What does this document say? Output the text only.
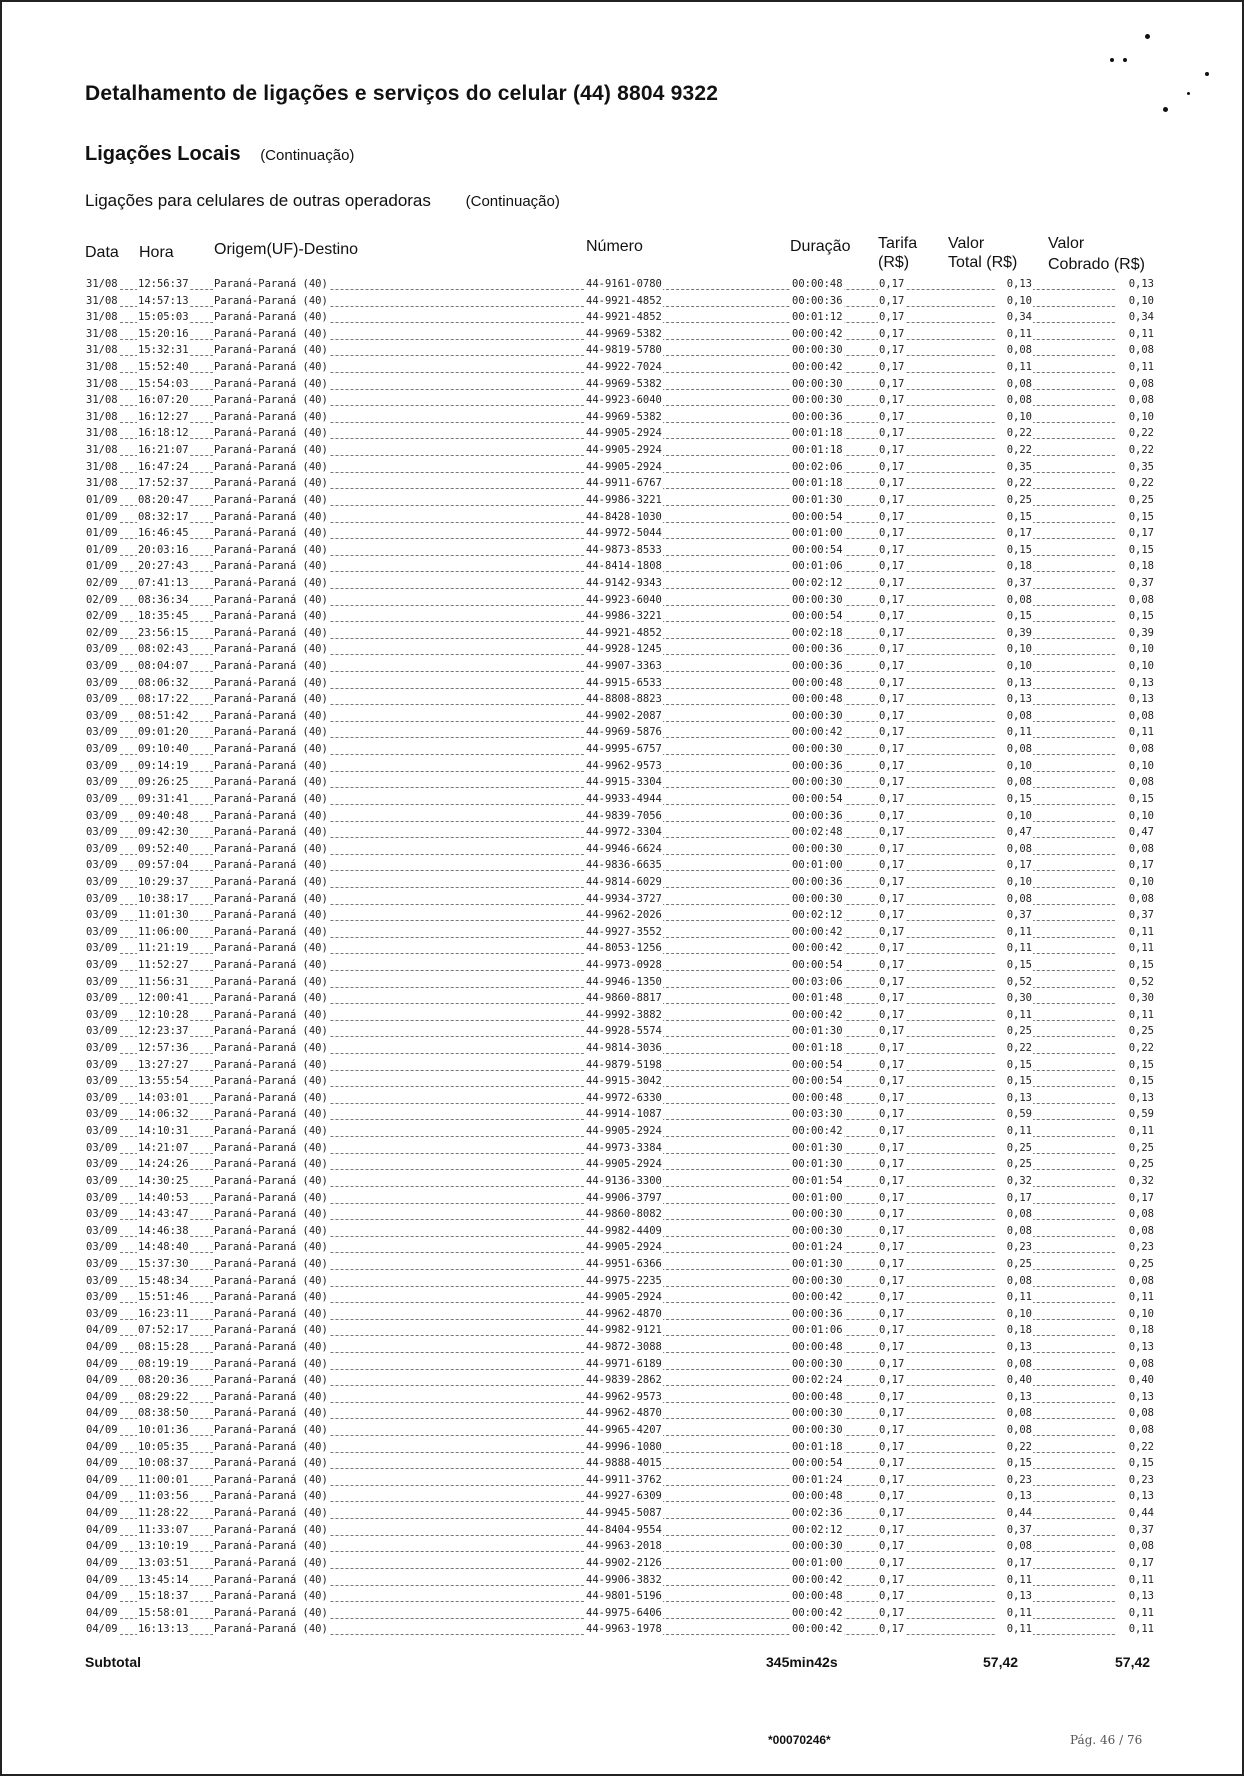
Detalhamento de ligações e serviços do celular (44) 8804 9322
Ligações Locais (Continuação)
Ligações para celulares de outras operadoras (Continuação)
Data Hora	Origem(UF)-Destino	Número	Duração Tarifa
(R$)
Valor
Total (R$)
Valor
Cobrado (R$)
31/08 12:56:37 Paraná-Paraná (40)	44-9161-0780	00:00:48	0,17	0,13	0,13
31/08 14:57:13 Paraná-Paraná (40)	44-9921-4852	00:00:36	0,17	0,10	0,10
31/08 15:05:03 Paraná-Paraná (40)	44-9921-4852	00:01:12	0,17	0,34	0,34
31/08 15:20:16 Paraná-Paraná (40)	44-9969-5382	00:00:42	0,17	0,11	0,11
31/08 15:32:31 Paraná-Paraná (40)	44-9819-5780	00:00:30	0,17	0,08	0,08
31/08 15:52:40 Paraná-Paraná (40)	44-9922-7024	00:00:42	0,17	0,11	0,11
31/08 15:54:03 Paraná-Paraná (40)	44-9969-5382	00:00:30	0,17	0,08	0,08
31/08 16:07:20 Paraná-Paraná (40)	44-9923-6040	00:00:30	0,17	0,08	0,08
31/08 16:12:27 Paraná-Paraná (40)	44-9969-5382	00:00:36	0,17	0,10	0,10
31/08 16:18:12 Paraná-Paraná (40)	44-9905-2924	00:01:18	0,17	0,22	0,22
31/08 16:21:07 Paraná-Paraná (40)	44-9905-2924	00:01:18	0,17	0,22	0,22
31/08 16:47:24 Paraná-Paraná (40)	44-9905-2924	00:02:06	0,17	0,35	0,35
31/08 17:52:37 Paraná-Paraná (40)	44-9911-6767	00:01:18	0,17	0,22	0,22
01/09 08:20:47 Paraná-Paraná (40)	44-9986-3221	00:01:30	0,17	0,25	0,25
01/09 08:32:17 Paraná-Paraná (40)	44-8428-1030	00:00:54	0,17	0,15	0,15
01/09 16:46:45 Paraná-Paraná (40)	44-9972-5044	00:01:00	0,17	0,17	0,17
01/09 20:03:16 Paraná-Paraná (40)	44-9873-8533	00:00:54	0,17	0,15	0,15
01/09 20:27:43 Paraná-Paraná (40)	44-8414-1808	00:01:06	0,17	0,18	0,18
02/09 07:41:13 Paraná-Paraná (40)	44-9142-9343	00:02:12	0,17	0,37	0,37
02/09 08:36:34 Paraná-Paraná (40)	44-9923-6040	00:00:30	0,17	0,08	0,08
02/09 18:35:45 Paraná-Paraná (40)	44-9986-3221	00:00:54	0,17	0,15	0,15
02/09 23:56:15 Paraná-Paraná (40)	44-9921-4852	00:02:18	0,17	0,39	0,39
03/09 08:02:43 Paraná-Paraná (40)	44-9928-1245	00:00:36	0,17	0,10	0,10
03/09 08:04:07 Paraná-Paraná (40)	44-9907-3363	00:00:36	0,17	0,10	0,10
03/09 08:06:32 Paraná-Paraná (40)	44-9915-6533	00:00:48	0,17	0,13	0,13
03/09 08:17:22 Paraná-Paraná (40)	44-8808-8823	00:00:48	0,17	0,13	0,13
03/09 08:51:42 Paraná-Paraná (40)	44-9902-2087	00:00:30	0,17	0,08	0,08
03/09 09:01:20 Paraná-Paraná (40)	44-9969-5876	00:00:42	0,17	0,11	0,11
03/09 09:10:40 Paraná-Paraná (40)	44-9995-6757	00:00:30	0,17	0,08	0,08
03/09 09:14:19 Paraná-Paraná (40)	44-9962-9573	00:00:36	0,17	0,10	0,10
03/09 09:26:25 Paraná-Paraná (40)	44-9915-3304	00:00:30	0,17	0,08	0,08
03/09 09:31:41 Paraná-Paraná (40)	44-9933-4944	00:00:54	0,17	0,15	0,15
03/09 09:40:48 Paraná-Paraná (40)	44-9839-7056	00:00:36	0,17	0,10	0,10
03/09 09:42:30 Paraná-Paraná (40)	44-9972-3304	00:02:48	0,17	0,47	0,47
03/09 09:52:40 Paraná-Paraná (40)	44-9946-6624	00:00:30	0,17	0,08	0,08
03/09 09:57:04 Paraná-Paraná (40)	44-9836-6635	00:01:00	0,17	0,17	0,17
03/09 10:29:37 Paraná-Paraná (40)	44-9814-6029	00:00:36	0,17	0,10	0,10
03/09 10:38:17 Paraná-Paraná (40)	44-9934-3727	00:00:30	0,17	0,08	0,08
03/09 11:01:30 Paraná-Paraná (40)	44-9962-2026	00:02:12	0,17	0,37	0,37
03/09 11:06:00 Paraná-Paraná (40)	44-9927-3552	00:00:42	0,17	0,11	0,11
03/09 11:21:19 Paraná-Paraná (40)	44-8053-1256	00:00:42	0,17	0,11	0,11
03/09 11:52:27 Paraná-Paraná (40)	44-9973-0928	00:00:54	0,17	0,15	0,15
03/09 11:56:31 Paraná-Paraná (40)	44-9946-1350	00:03:06	0,17	0,52	0,52
03/09 12:00:41 Paraná-Paraná (40)	44-9860-8817	00:01:48	0,17	0,30	0,30
03/09 12:10:28 Paraná-Paraná (40)	44-9992-3882	00:00:42	0,17	0,11	0,11
03/09 12:23:37 Paraná-Paraná (40)	44-9928-5574	00:01:30	0,17	0,25	0,25
03/09 12:57:36 Paraná-Paraná (40)	44-9814-3036	00:01:18	0,17	0,22	0,22
03/09 13:27:27 Paraná-Paraná (40)	44-9879-5198	00:00:54	0,17	0,15	0,15
03/09 13:55:54 Paraná-Paraná (40)	44-9915-3042	00:00:54	0,17	0,15	0,15
03/09 14:03:01 Paraná-Paraná (40)	44-9972-6330	00:00:48	0,17	0,13	0,13
03/09 14:06:32 Paraná-Paraná (40)	44-9914-1087	00:03:30	0,17	0,59	0,59
03/09 14:10:31 Paraná-Paraná (40)	44-9905-2924	00:00:42	0,17	0,11	0,11
03/09 14:21:07 Paraná-Paraná (40)	44-9973-3384	00:01:30	0,17	0,25	0,25
03/09 14:24:26 Paraná-Paraná (40)	44-9905-2924	00:01:30	0,17	0,25	0,25
03/09 14:30:25 Paraná-Paraná (40)	44-9136-3300	00:01:54	0,17	0,32	0,32
03/09 14:40:53 Paraná-Paraná (40)	44-9906-3797	00:01:00	0,17	0,17	0,17
03/09 14:43:47 Paraná-Paraná (40)	44-9860-8082	00:00:30	0,17	0,08	0,08
03/09 14:46:38 Paraná-Paraná (40)	44-9982-4409	00:00:30	0,17	0,08	0,08
03/09 14:48:40 Paraná-Paraná (40)	44-9905-2924	00:01:24	0,17	0,23	0,23
03/09 15:37:30 Paraná-Paraná (40)	44-9951-6366	00:01:30	0,17	0,25	0,25
03/09 15:48:34 Paraná-Paraná (40)	44-9975-2235	00:00:30	0,17	0,08	0,08
03/09 15:51:46 Paraná-Paraná (40)	44-9905-2924	00:00:42	0,17	0,11	0,11
03/09 16:23:11 Paraná-Paraná (40)	44-9962-4870	00:00:36	0,17	0,10	0,10
04/09 07:52:17 Paraná-Paraná (40)	44-9982-9121	00:01:06	0,17	0,18	0,18
04/09 08:15:28 Paraná-Paraná (40)	44-9872-3088	00:00:48	0,17	0,13	0,13
04/09 08:19:19 Paraná-Paraná (40)	44-9971-6189	00:00:30	0,17	0,08	0,08
04/09 08:20:36 Paraná-Paraná (40)	44-9839-2862	00:02:24	0,17	0,40	0,40
04/09 08:29:22 Paraná-Paraná (40)	44-9962-9573	00:00:48	0,17	0,13	0,13
04/09 08:38:50 Paraná-Paraná (40)	44-9962-4870	00:00:30	0,17	0,08	0,08
04/09 10:01:36 Paraná-Paraná (40)	44-9965-4207	00:00:30	0,17	0,08	0,08
04/09 10:05:35 Paraná-Paraná (40)	44-9996-1080	00:01:18	0,17	0,22	0,22
04/09 10:08:37 Paraná-Paraná (40)	44-9888-4015	00:00:54	0,17	0,15	0,15
04/09 11:00:01 Paraná-Paraná (40)	44-9911-3762	00:01:24	0,17	0,23	0,23
04/09 11:03:56 Paraná-Paraná (40)	44-9927-6309	00:00:48	0,17	0,13	0,13
04/09 11:28:22 Paraná-Paraná (40)	44-9945-5087	00:02:36	0,17	0,44	0,44
04/09 11:33:07 Paraná-Paraná (40)	44-8404-9554	00:02:12	0,17	0,37	0,37
04/09 13:10:19 Paraná-Paraná (40)	44-9963-2018	00:00:30	0,17	0,08	0,08
04/09 13:03:51 Paraná-Paraná (40)	44-9902-2126	00:01:00	0,17	0,17	0,17
04/09 13:45:14 Paraná-Paraná (40)	44-9906-3832	00:00:42	0,17	0,11	0,11
04/09 15:18:37 Paraná-Paraná (40)	44-9801-5196	00:00:48	0,17	0,13	0,13
04/09 15:58:01 Paraná-Paraná (40)	44-9975-6406	00:00:42	0,17	0,11	0,11
04/09 16:13:13 Paraná-Paraná (40)	44-9963-1978	00:00:42	0,17	0,11	0,11
Subtotal	345min42s	57,42	57,42
*00070246*	Pág. 46 / 76
